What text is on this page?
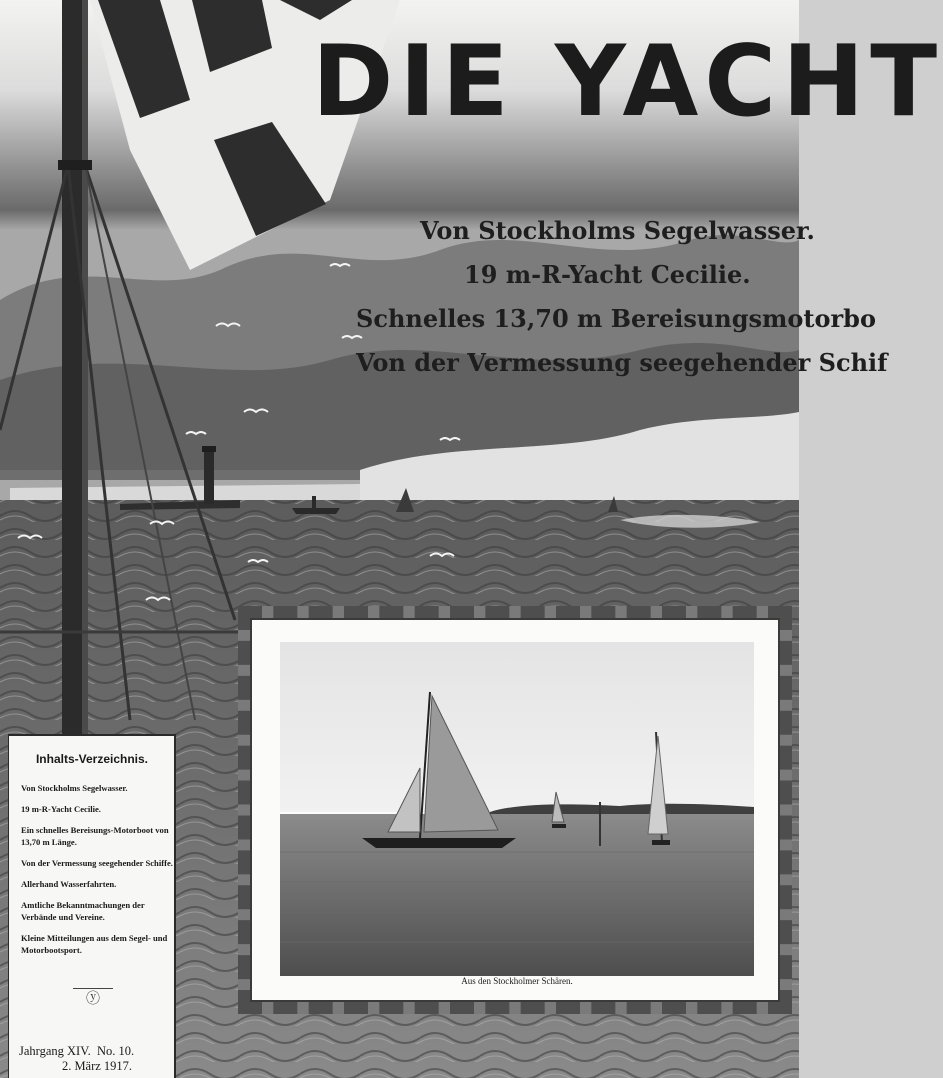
DIE YACHT
Von Stockholms Segelwasser.
19 m-R-Yacht Cecilie.
Schnelles 13,70 m Bereisungsmotorbo
Von der Vermessung seegehender Schif
Aus den Stockholmer Schären.
Inhalts-Verzeichnis.
Von Stockholms Segelwasser.
19 m-R-Yacht Cecilie.
Ein schnelles Bereisungs-Motorboot von 13,70 m Länge.
Von der Vermessung seegehender Schiffe.
Allerhand Wasserfahrten.
Amtliche Bekanntmachungen der Verbände und Vereine.
Kleine Mitteilungen aus dem Segel- und Motorbootsport.
ⓨ
Jahrgang XIV. No. 10.
2. März 1917.
